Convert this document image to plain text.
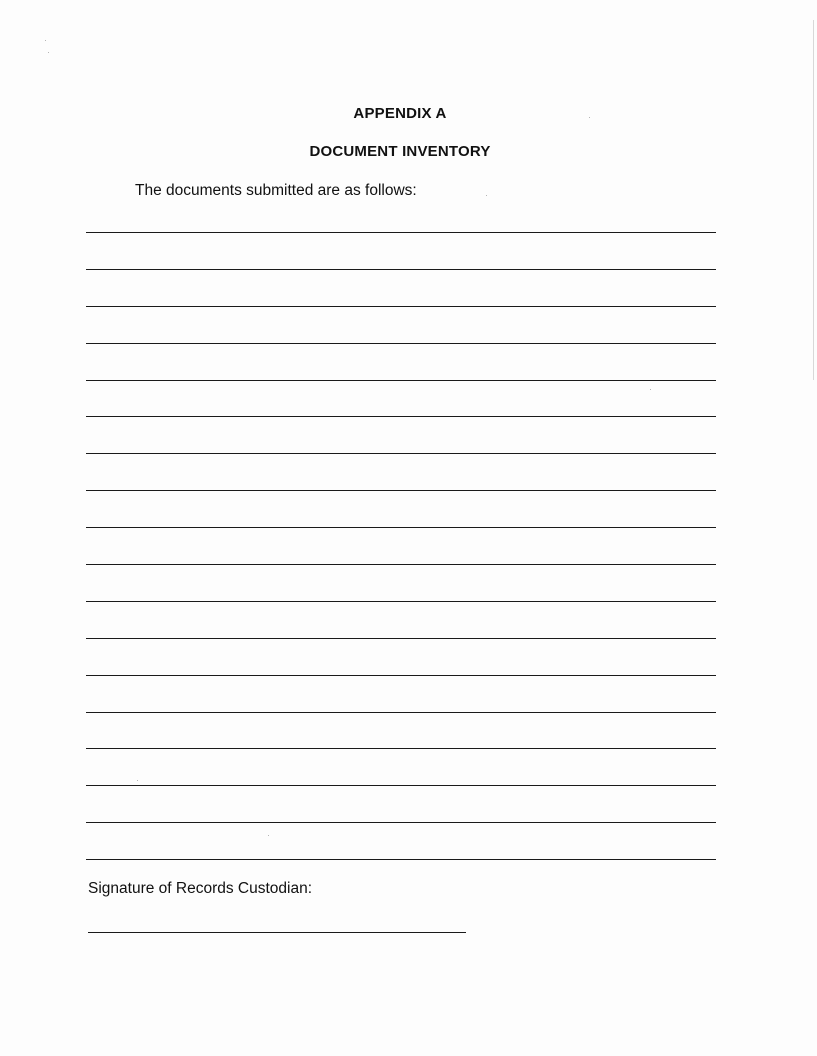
APPENDIX A
DOCUMENT INVENTORY
The documents submitted are as follows:
Signature of Records Custodian:
